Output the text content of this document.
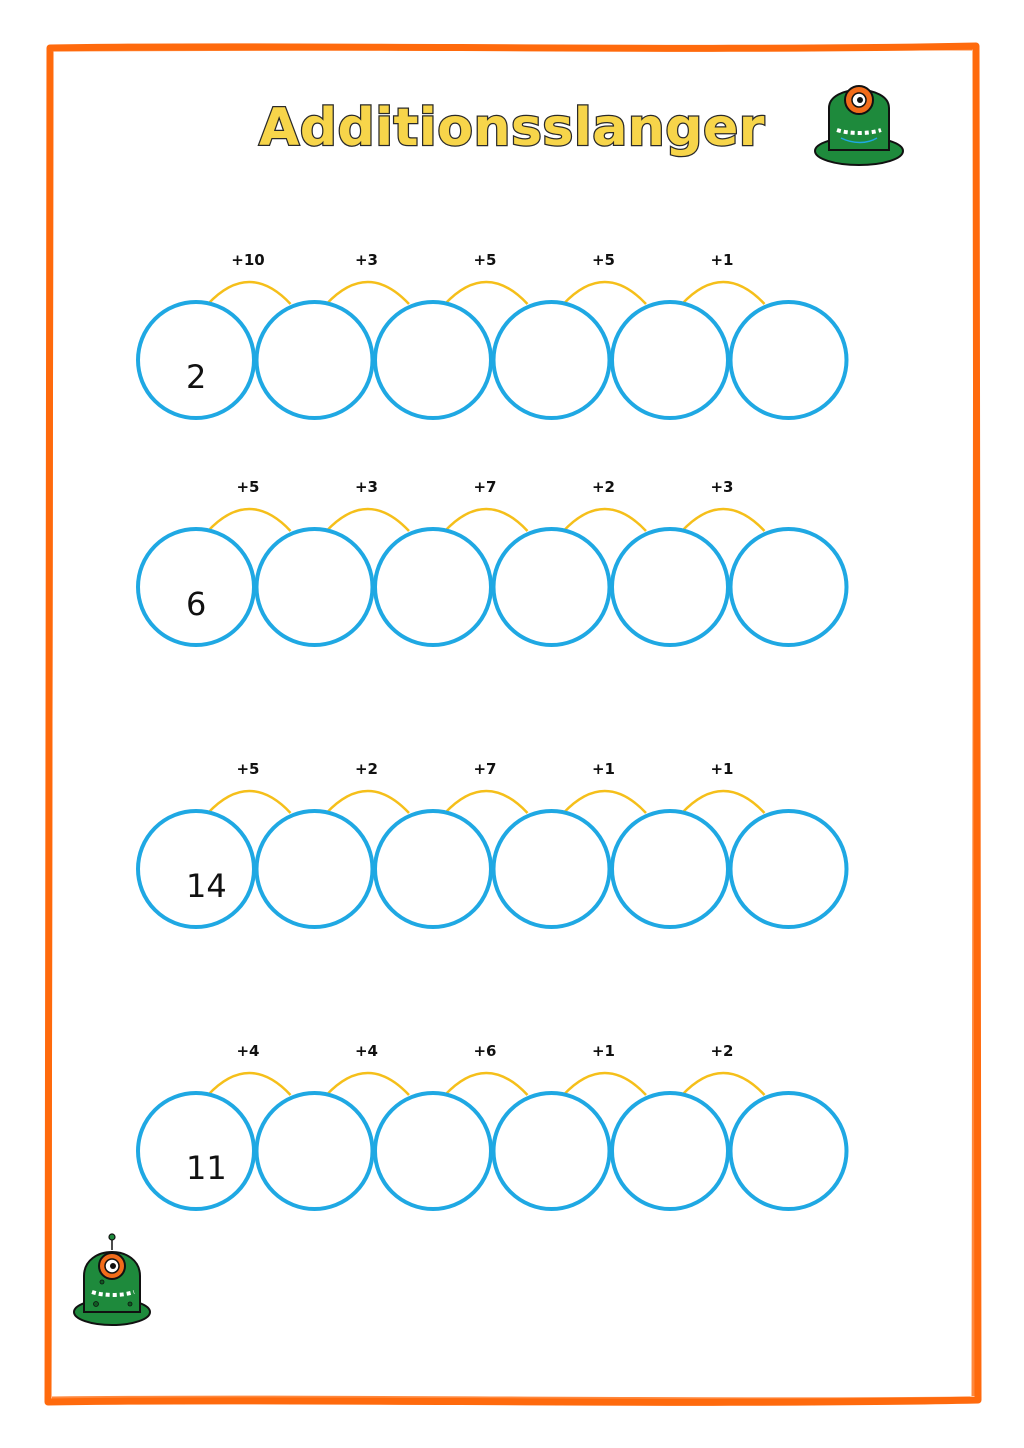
Additionsslanger
+10	+3	+5	+5	+1
2
+5	+3	+7	+2	+3
6
+5	+2	+7	+1	+1
14
+4	+4	+6	+1	+2
11
